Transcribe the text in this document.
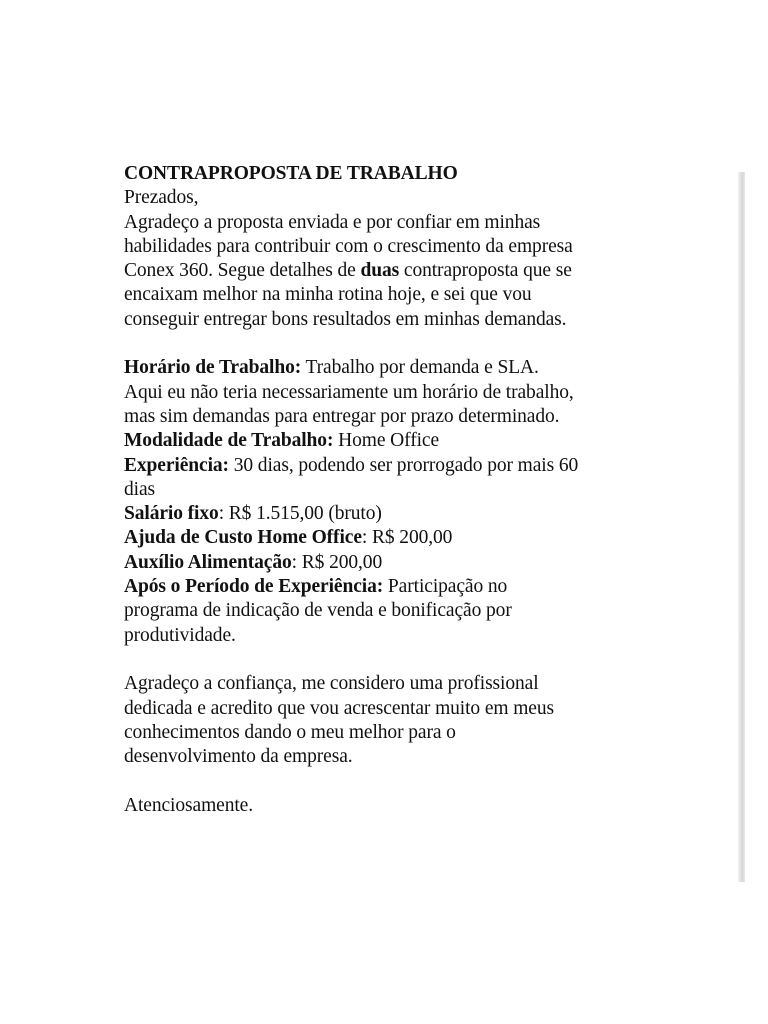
CONTRAPROPOSTA DE TRABALHO

Prezados,

Agradeço a proposta enviada e por confiar em minhas

habilidades para contribuir com o crescimento da empresa

Conex 360. Segue detalhes de duas contraproposta que se

encaixam melhor na minha rotina hoje, e sei que vou

conseguir entregar bons resultados em minhas demandas.

Horário de Trabalho: Trabalho por demanda e SLA.

Aqui eu não teria necessariamente um horário de trabalho,

mas sim demandas para entregar por prazo determinado.

Modalidade de Trabalho: Home Office

Experiência: 30 dias, podendo ser prorrogado por mais 60

dias

Salário fixo: R$ 1.515,00 (bruto)

Ajuda de Custo Home Office: R$ 200,00

Auxílio Alimentação: R$ 200,00

Após o Período de Experiência: Participação no

programa de indicação de venda e bonificação por

produtividade.

Agradeço a confiança, me considero uma profissional

dedicada e acredito que vou acrescentar muito em meus

conhecimentos dando o meu melhor para o

desenvolvimento da empresa.

Atenciosamente.
